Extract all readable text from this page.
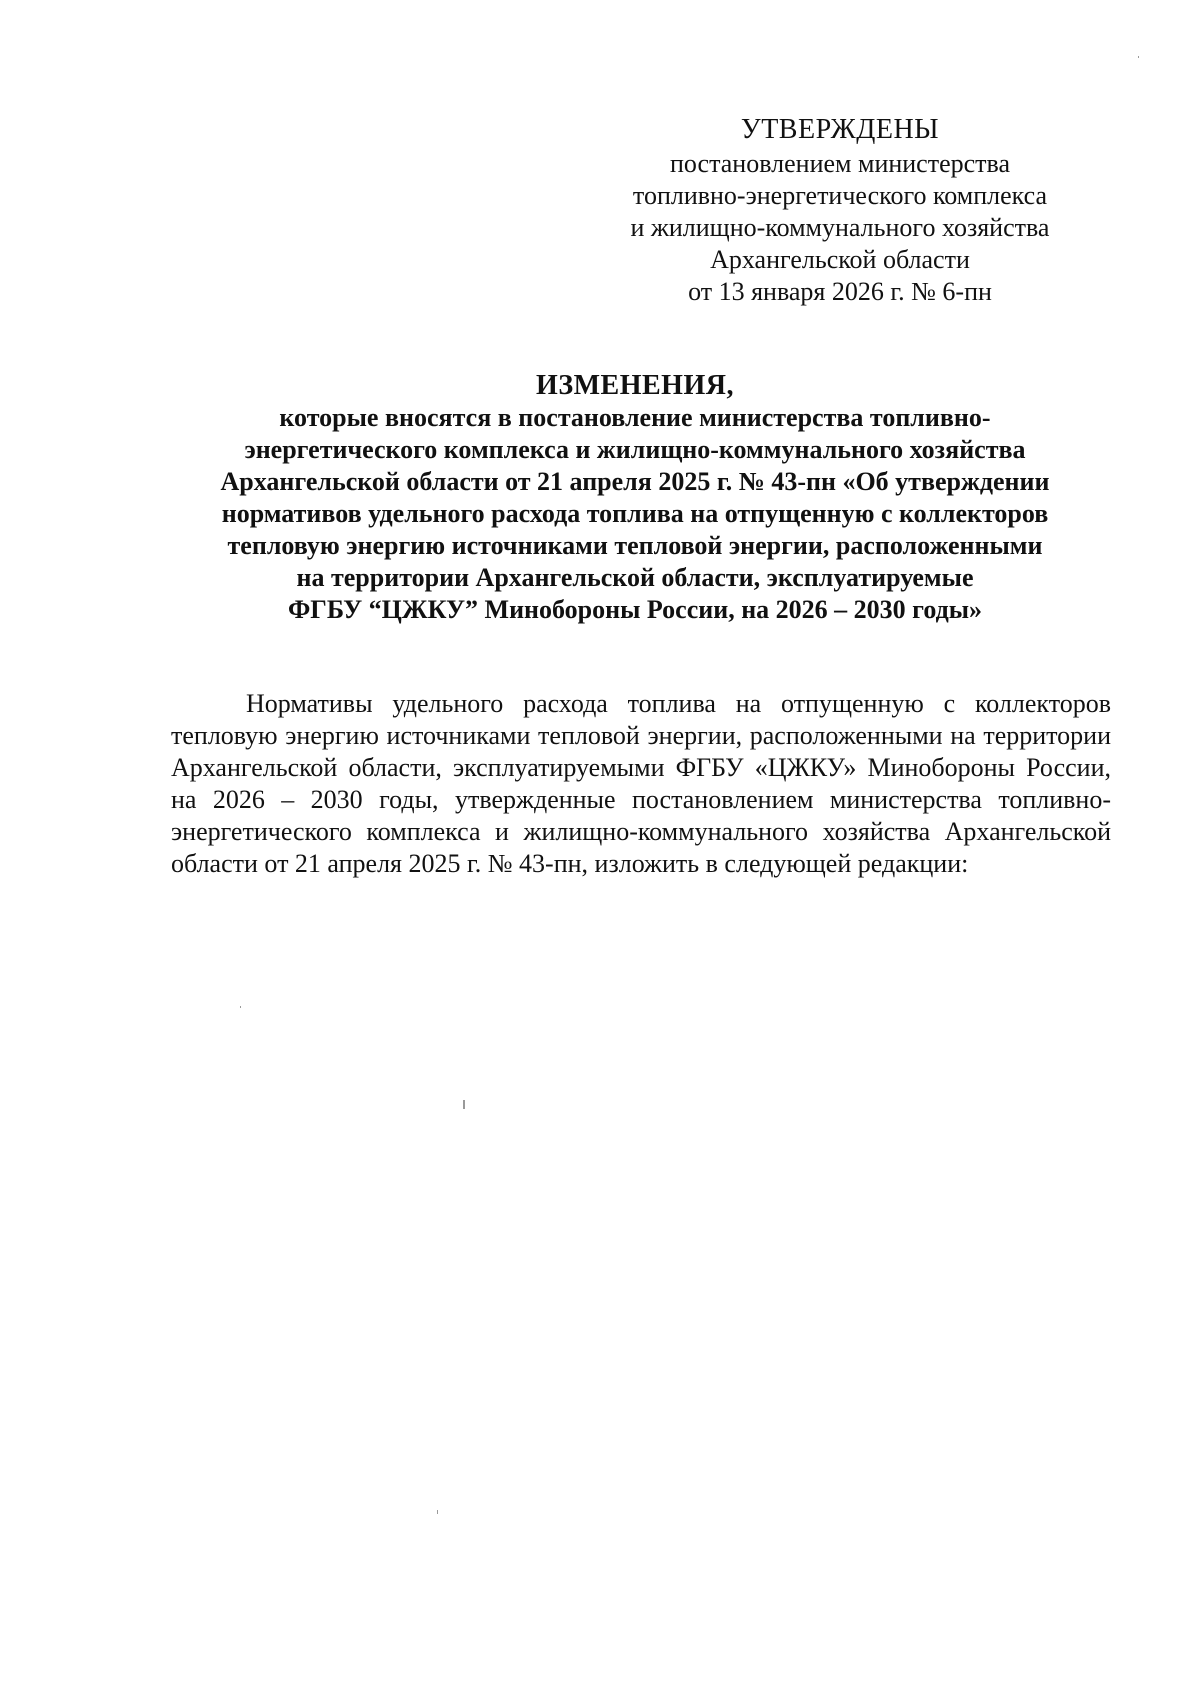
УТВЕРЖДЕНЫ
постановлением министерства
топливно-энергетического комплекса
и жилищно-коммунального хозяйства
Архангельской области
от 13 января 2026 г. № 6-пн
ИЗМЕНЕНИЯ,
которые вносятся в постановление министерства топливно-
энергетического комплекса и жилищно-коммунального хозяйства
Архангельской области от 21 апреля 2025 г. № 43-пн «Об утверждении
нормативов удельного расхода топлива на отпущенную с коллекторов
тепловую энергию источниками тепловой энергии, расположенными
на территории Архангельской области, эксплуатируемые
ФГБУ “ЦЖКУ” Минобороны России, на 2026 – 2030 годы»

Нормативы удельного расхода топлива на отпущенную с коллекторов тепловую энергию источниками тепловой энергии, расположенными на территории Архангельской области, эксплуатируемыми ФГБУ «ЦЖКУ» Минобороны России, на 2026 – 2030 годы, утвержденные постановлением министерства топливно-энергетического комплекса и жилищно-коммунального хозяйства Архангельской области от 21 апреля 2025 г. № 43-пн, изложить в следующей редакции:
